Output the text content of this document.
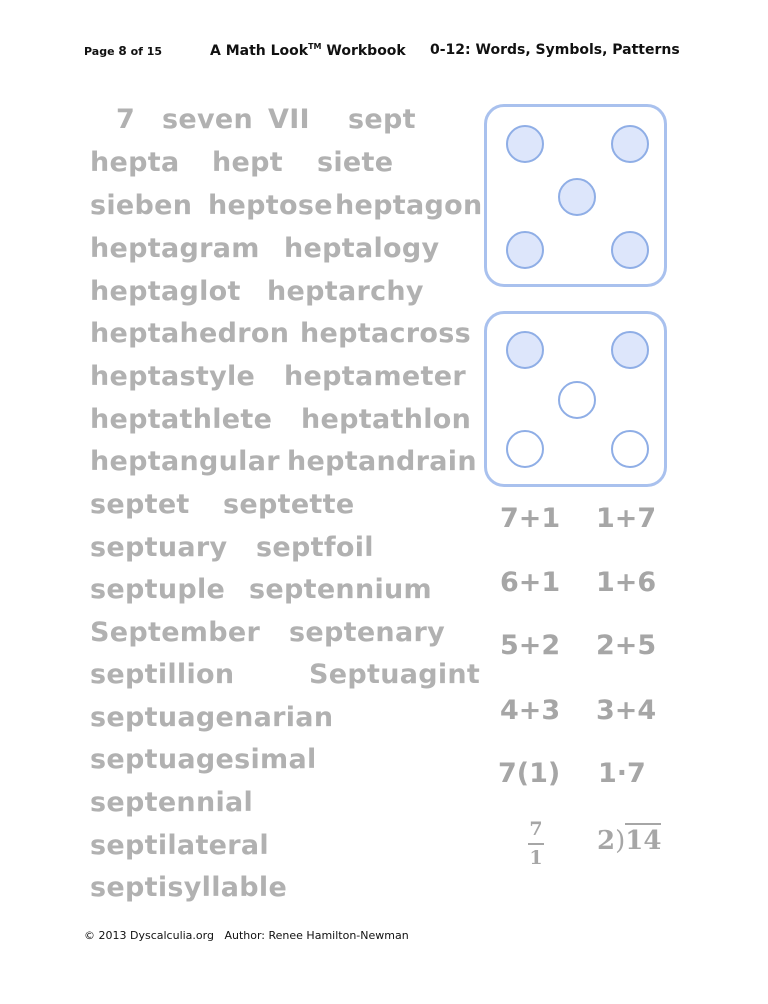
Page 8 of 15	A Math Look™ Workbook 0-12: Words, Symbols, Patterns
7 seven VII sept
hepta hept siete
sieben heptose heptagon
heptagram heptalogy
heptaglot heptarchy
heptahedron heptacross
heptastyle heptameter
heptathlete heptathlon
heptangular heptandrain
septet septette
septuary septfoil
septuple septennium
September septenary
septillion	Septuagint
septuagenarian
septuagesimal
septennial
septilateral
septisyllable
7+1 1+7
6+1 1+6
5+2 2+5
4+3 3+4
7(1) 1·7
7
1
2)14
© 2013 Dyscalculia.org Author: Renee Hamilton-Newman
